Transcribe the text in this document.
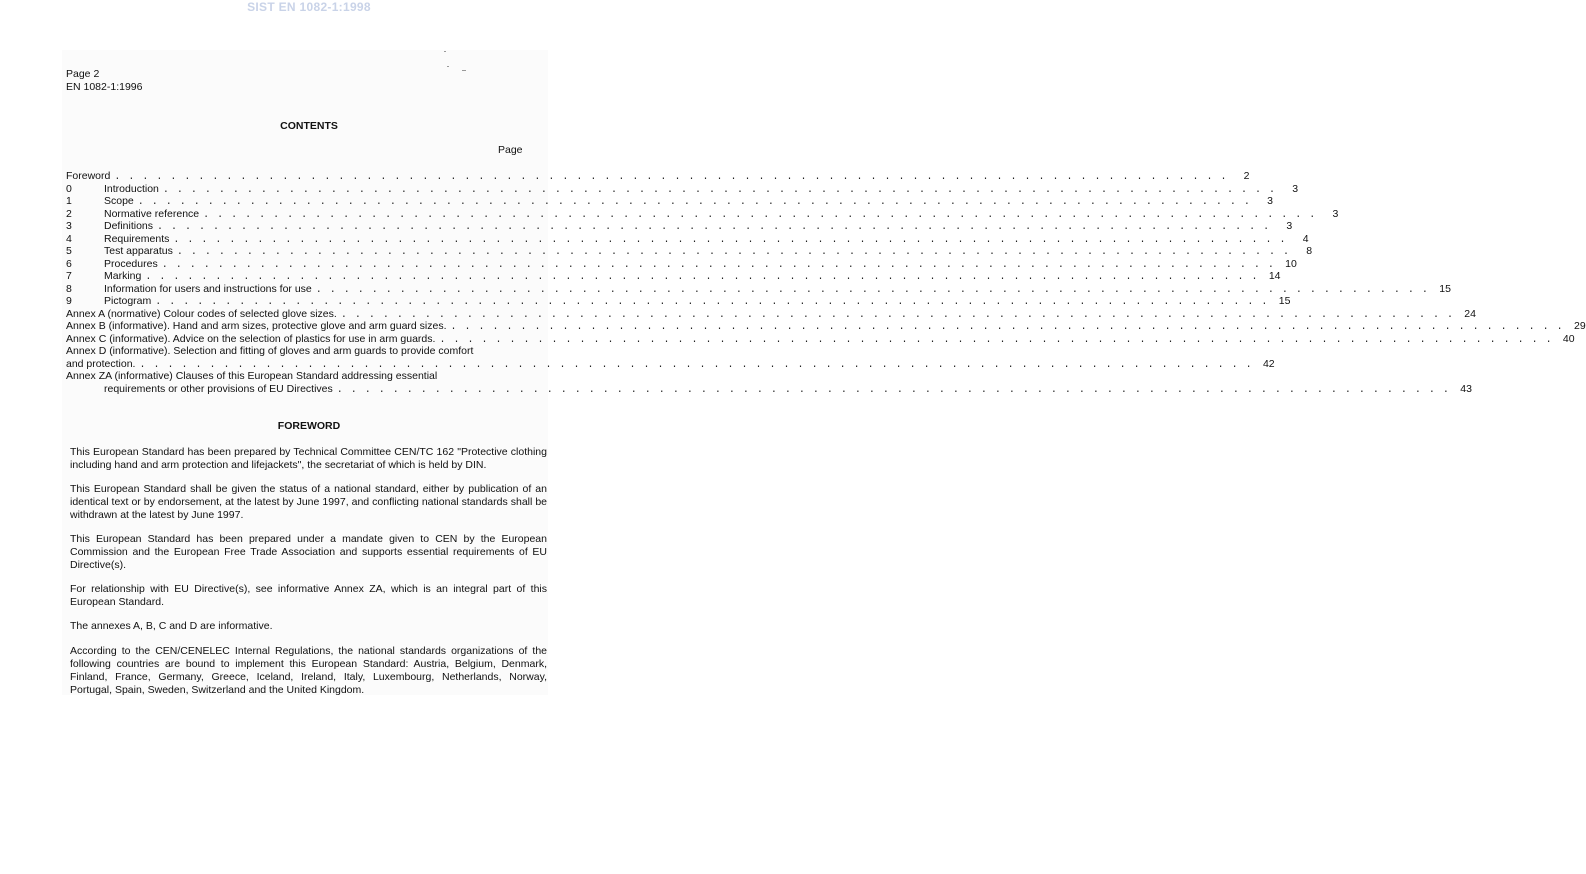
SIST EN 1082-1:1998
Page 2
EN 1082-1:1996
CONTENTS
Page
Foreword . . . . . . . . . . . . . . . . . . . . . . . . . . . . . . . . . . . . . . . . . . . . . . . . . . . . . . . . . . . . . . . . . . . . . . . . . . . . . . . .	2
0	Introduction . . . . . . . . . . . . . . . . . . . . . . . . . . . . . . . . . . . . . . . . . . . . . . . . . . . . . . . . . . . . . . . . . . . . . . . . . . . . . . . .	3
1	Scope . . . . . . . . . . . . . . . . . . . . . . . . . . . . . . . . . . . . . . . . . . . . . . . . . . . . . . . . . . . . . . . . . . . . . . . . . . . . . . . .	3
2	Normative reference . . . . . . . . . . . . . . . . . . . . . . . . . . . . . . . . . . . . . . . . . . . . . . . . . . . . . . . . . . . . . . . . . . . . . . . . . . . . . . . .	3
3	Definitions . . . . . . . . . . . . . . . . . . . . . . . . . . . . . . . . . . . . . . . . . . . . . . . . . . . . . . . . . . . . . . . . . . . . . . . . . . . . . . . .	3
4	Requirements . . . . . . . . . . . . . . . . . . . . . . . . . . . . . . . . . . . . . . . . . . . . . . . . . . . . . . . . . . . . . . . . . . . . . . . . . . . . . . . .	4
5	Test apparatus . . . . . . . . . . . . . . . . . . . . . . . . . . . . . . . . . . . . . . . . . . . . . . . . . . . . . . . . . . . . . . . . . . . . . . . . . . . . . . . .	8
6	Procedures . . . . . . . . . . . . . . . . . . . . . . . . . . . . . . . . . . . . . . . . . . . . . . . . . . . . . . . . . . . . . . . . . . . . . . . . . . . . . . . . 10
7	Marking . . . . . . . . . . . . . . . . . . . . . . . . . . . . . . . . . . . . . . . . . . . . . . . . . . . . . . . . . . . . . . . . . . . . . . . . . . . . . . . . 14
8	Information for users and instructions for use . . . . . . . . . . . . . . . . . . . . . . . . . . . . . . . . . . . . . . . . . . . . . . . . . . . . . . . . . . . . . . . . . . . . . . . . . . . . . . . . 15
9	Pictogram . . . . . . . . . . . . . . . . . . . . . . . . . . . . . . . . . . . . . . . . . . . . . . . . . . . . . . . . . . . . . . . . . . . . . . . . . . . . . . . . 15
Annex A (normative) Colour codes of selected glove sizes. . . . . . . . . . . . . . . . . . . . . . . . . . . . . . . . . . . . . . . . . . . . . . . . . . . . . . . . . . . . . . . . . . . . . . . . . . . . . . . . . 24
Annex B (informative). Hand and arm sizes, protective glove and arm guard sizes. . . . . . . . . . . . . . . . . . . . . . . . . . . . . . . . . . . . . . . . . . . . . . . . . . . . . . . . . . . . . . . . . . . . . . . . . . . . . . . . . 29
Annex C (informative). Advice on the selection of plastics for use in arm guards. . . . . . . . . . . . . . . . . . . . . . . . . . . . . . . . . . . . . . . . . . . . . . . . . . . . . . . . . . . . . . . . . . . . . . . . . . . . . . . . . 40
Annex D (informative). Selection and fitting of gloves and arm guards to provide comfort
and protection. . . . . . . . . . . . . . . . . . . . . . . . . . . . . . . . . . . . . . . . . . . . . . . . . . . . . . . . . . . . . . . . . . . . . . . . . . . . . . . . . 42
Annex ZA (informative) Clauses of this European Standard addressing essential
requirements or other provisions of EU Directives . . . . . . . . . . . . . . . . . . . . . . . . . . . . . . . . . . . . . . . . . . . . . . . . . . . . . . . . . . . . . . . . . . . . . . . . . . . . . . . . 43
FOREWORD
This European Standard has been prepared by Technical Committee CEN/TC 162 "Protective clothing including hand and arm protection and lifejackets", the secretariat of which is held by DIN.
This European Standard shall be given the status of a national standard, either by publication of an identical text or by endorsement, at the latest by June 1997, and conflicting national standards shall be withdrawn at the latest by June 1997.
This European Standard has been prepared under a mandate given to CEN by the European Commission and the European Free Trade Association and supports essential requirements of EU Directive(s).
For relationship with EU Directive(s), see informative Annex ZA, which is an integral part of this European Standard.
The annexes A, B, C and D are informative.
According to the CEN/CENELEC Internal Regulations, the national standards organizations of the following countries are bound to implement this European Standard: Austria, Belgium, Denmark, Finland, France, Germany, Greece, Iceland, Ireland, Italy, Luxembourg, Netherlands, Norway, Portugal, Spain, Sweden, Switzerland and the United Kingdom.
